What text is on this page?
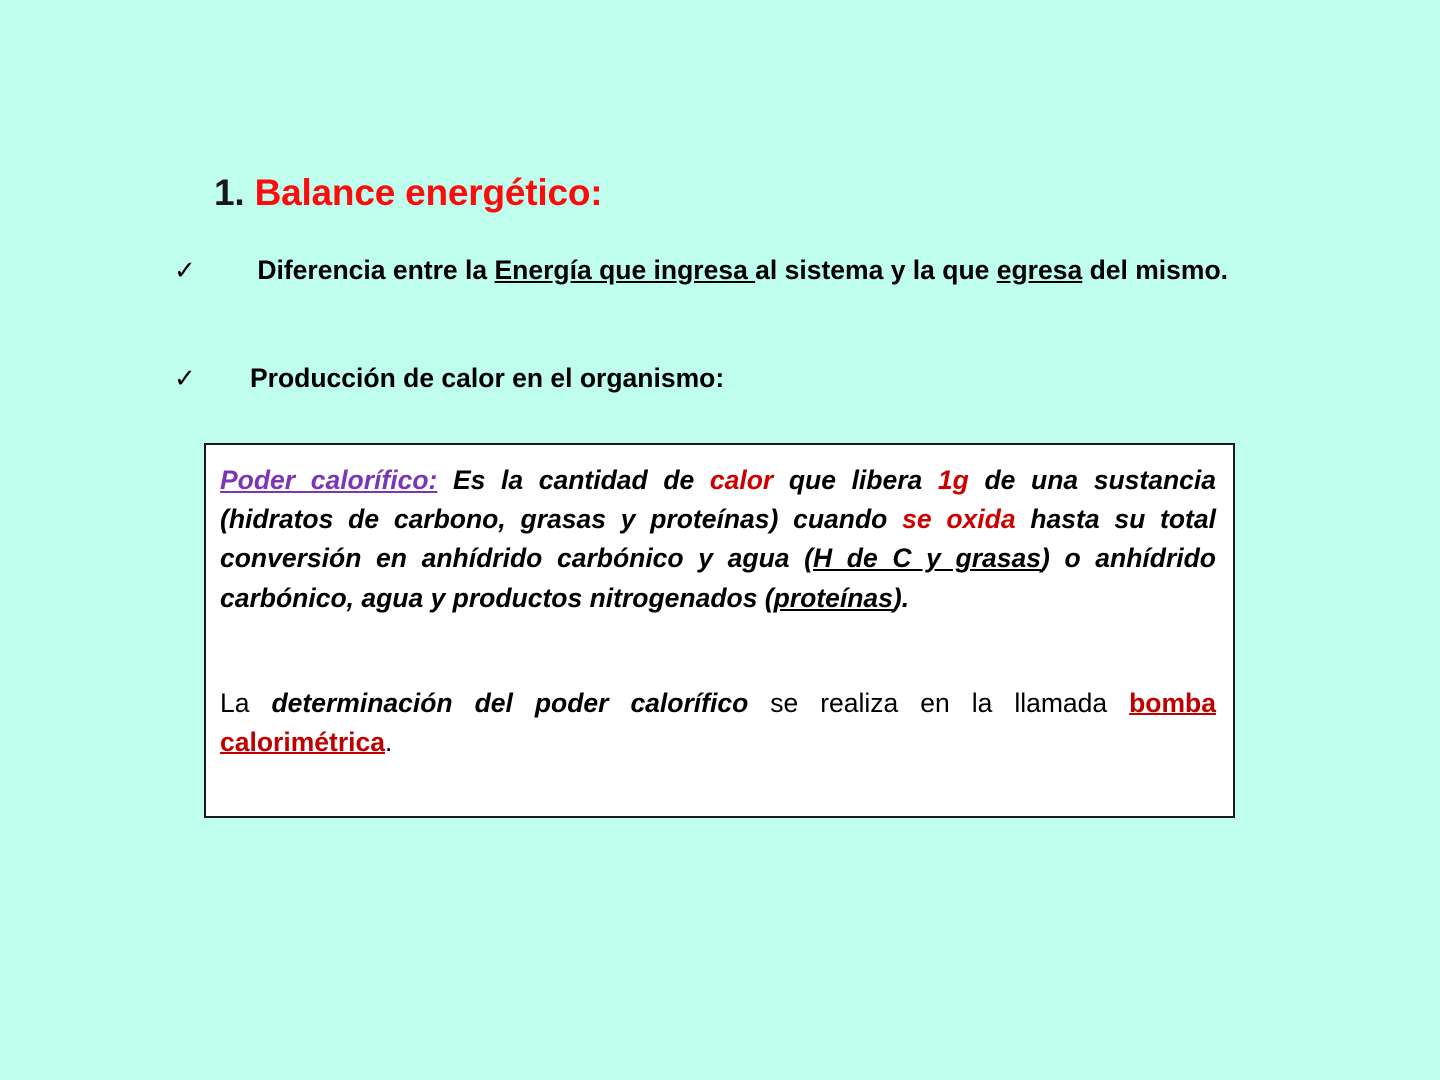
1. Balance energético:
✓ Diferencia entre la Energía que ingresa al sistema y la que egresa del mismo.
✓ Producción de calor en el organismo:

Poder calorífico: Es la cantidad de calor que libera 1g de una sustancia (hidratos de carbono, grasas y proteínas) cuando se oxida hasta su total conversión en anhídrido carbónico y agua (H de C y grasas) o anhídrido carbónico, agua y productos nitrogenados (proteínas).

La determinación del poder calorífico se realiza en la llamada bomba calorimétrica.
